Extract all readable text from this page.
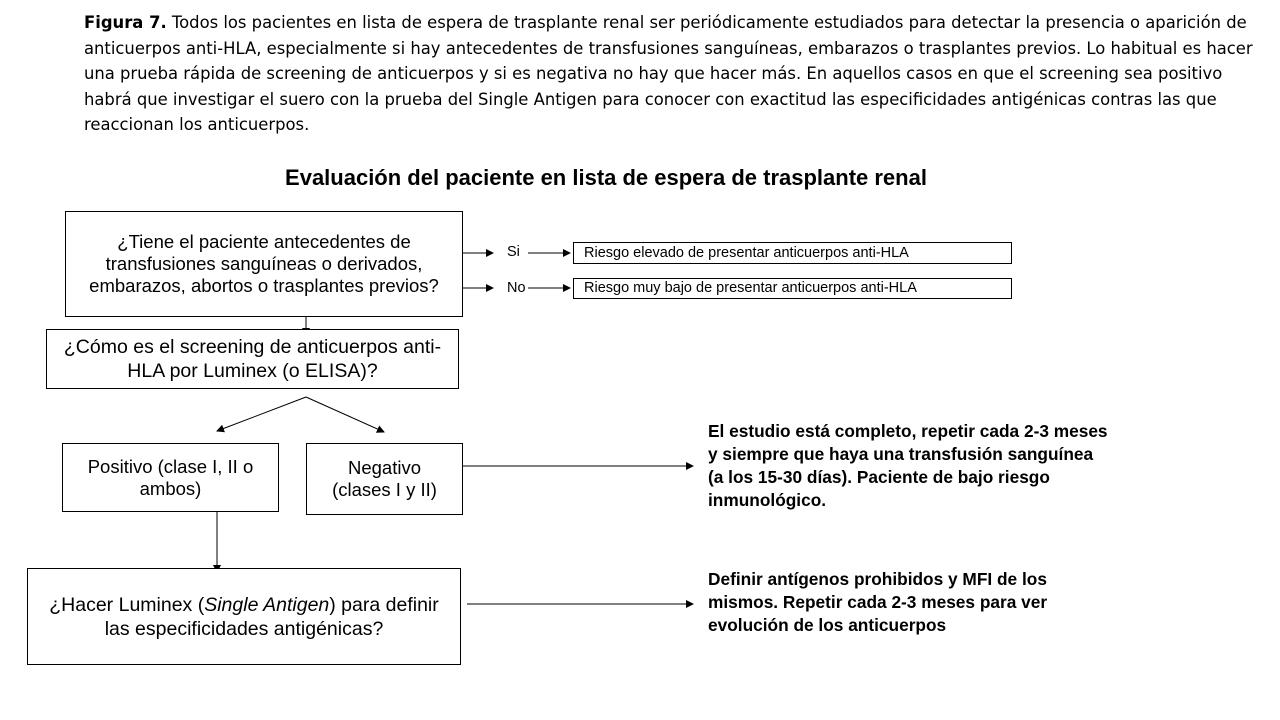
Figura 7. Todos los pacientes en lista de espera de trasplante renal ser periódicamente estudiados para detectar la presencia o aparición de anticuerpos anti-HLA, especialmente si hay antecedentes de transfusiones sanguíneas, embarazos o trasplantes previos. Lo habitual es hacer una prueba rápida de screening de anticuerpos y si es negativa no hay que hacer más. En aquellos casos en que el screening sea positivo habrá que investigar el suero con la prueba del Single Antigen para conocer con exactitud las especificidades antigénicas contras las que reaccionan los anticuerpos.
Evaluación del paciente en lista de espera de trasplante renal
¿Tiene el paciente antecedentes de transfusiones sanguíneas o derivados, embarazos, abortos o trasplantes previos?
Si
No
Riesgo elevado de presentar anticuerpos anti-HLA
Riesgo muy bajo de presentar anticuerpos anti-HLA
¿Cómo es el screening de anticuerpos anti-HLA por Luminex (o ELISA)?
Positivo (clase I, II o ambos)
Negativo (clases I y II)
El estudio está completo, repetir cada 2-3 meses y siempre que haya una transfusión sanguínea (a los 15-30 días). Paciente de bajo riesgo inmunológico.
¿Hacer Luminex (Single Antigen) para definir las especificidades antigénicas?
Definir antígenos prohibidos y MFI de los mismos. Repetir cada 2-3 meses para ver evolución de los anticuerpos
